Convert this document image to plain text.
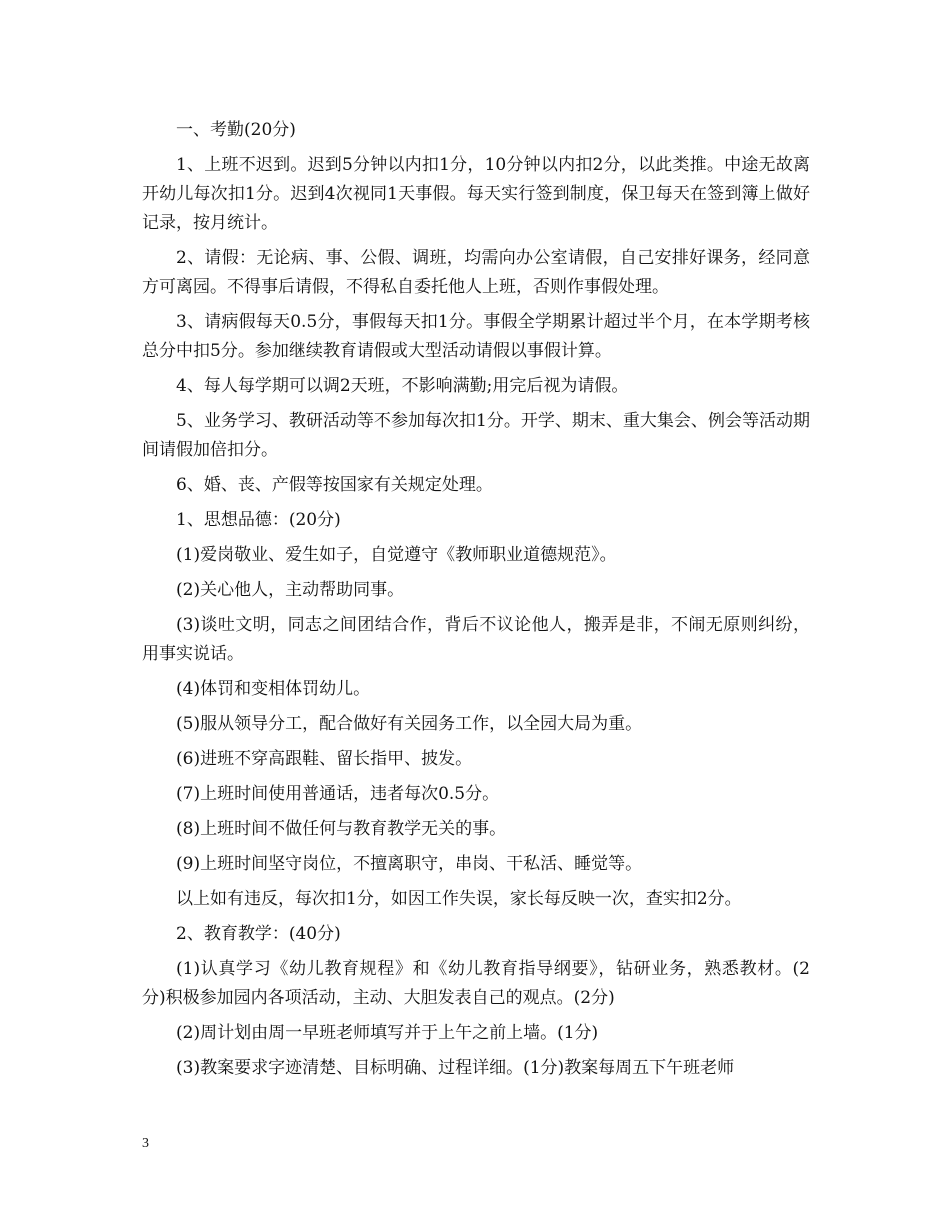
一、考勤(20分)

1、上班不迟到。迟到5分钟以内扣1分，10分钟以内扣2分，以此类推。中途无故离开幼儿每次扣1分。迟到4次视同1天事假。每天实行签到制度，保卫每天在签到簿上做好记录，按月统计。

2、请假：无论病、事、公假、调班，均需向办公室请假，自己安排好课务，经同意方可离园。不得事后请假，不得私自委托他人上班，否则作事假处理。

3、请病假每天0.5分，事假每天扣1分。事假全学期累计超过半个月，在本学期考核总分中扣5分。参加继续教育请假或大型活动请假以事假计算。

4、每人每学期可以调2天班，不影响满勤;用完后视为请假。

5、业务学习、教研活动等不参加每次扣1分。开学、期末、重大集会、例会等活动期间请假加倍扣分。

6、婚、丧、产假等按国家有关规定处理。

1、思想品德：(20分)

(1)爱岗敬业、爱生如子，自觉遵守《教师职业道德规范》。

(2)关心他人，主动帮助同事。

(3)谈吐文明，同志之间团结合作，背后不议论他人，搬弄是非，不闹无原则纠纷，用事实说话。

(4)体罚和变相体罚幼儿。

(5)服从领导分工，配合做好有关园务工作，以全园大局为重。

(6)进班不穿高跟鞋、留长指甲、披发。

(7)上班时间使用普通话，违者每次0.5分。

(8)上班时间不做任何与教育教学无关的事。

(9)上班时间坚守岗位，不擅离职守，串岗、干私活、睡觉等。

以上如有违反，每次扣1分，如因工作失误，家长每反映一次，查实扣2分。

2、教育教学：(40分)

(1)认真学习《幼儿教育规程》和《幼儿教育指导纲要》，钻研业务，熟悉教材。(2分)积极参加园内各项活动，主动、大胆发表自己的观点。(2分)

(2)周计划由周一早班老师填写并于上午之前上墙。(1分)

(3)教案要求字迹清楚、目标明确、过程详细。(1分)教案每周五下午班老师

3
